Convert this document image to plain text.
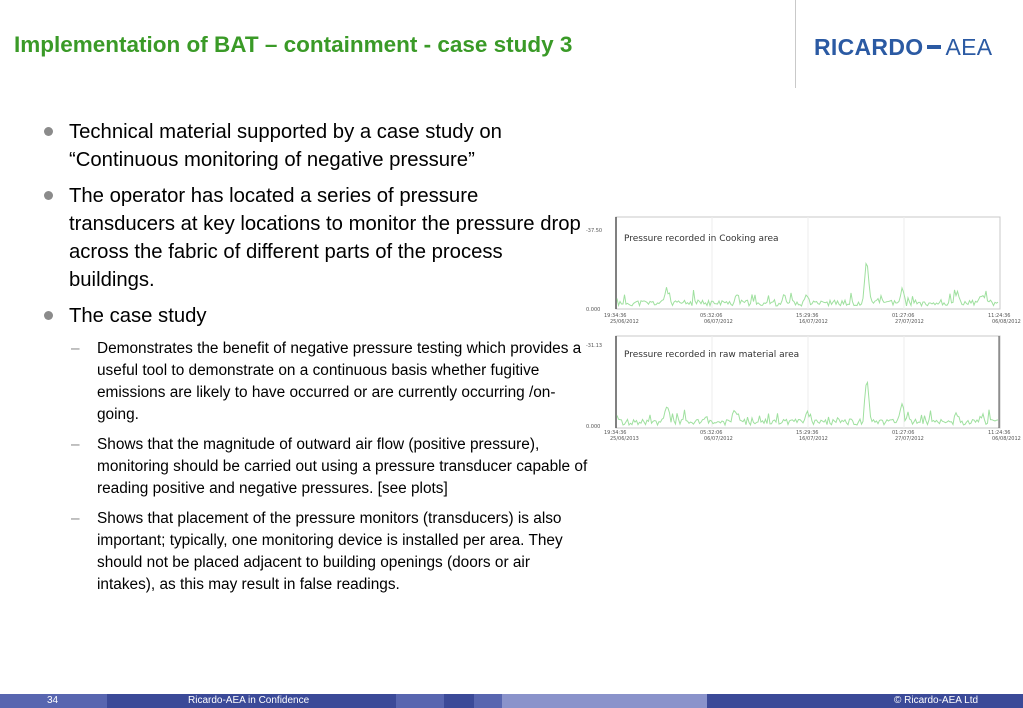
Implementation of BAT – containment - case study 3	RICARDO AEA
Technical material supported by a case study on “Continuous monitoring of negative pressure”
The operator has located a series of pressure transducers at key locations to monitor the pressure drop across the fabric of different parts of the process buildings.
The case study
– Demonstrates the benefit of negative pressure testing which provides a useful tool to demonstrate on a continuous basis whether fugitive emissions are likely to have occurred or are currently occurring /on-going.
– Shows that the magnitude of outward air flow (positive pressure), monitoring should be carried out using a pressure transducer capable of reading positive and negative pressures. [see plots]
– Shows that placement of the pressure monitors (transducers) is also important; typically, one monitoring device is installed per area. They should not be placed adjacent to building openings (doors or air intakes), as this may result in false readings.
Pressure recorded in Cooking area
-37.50
0.000
19:34:36
25/06/2012
05:32:06
06/07/2012
15:29:36
16/07/2012
01:27:06
27/07/2012
11:24:36
06/08/2012
Pressure recorded in raw material area
-31.13
0.000
19:34:36
25/06/2013
05:32:06
06/07/2012
15:29:36
16/07/2012
01:27:06
27/07/2012
11:24:36
06/08/2012
34	Ricardo-AEA in Confidence	© Ricardo-AEA Ltd
